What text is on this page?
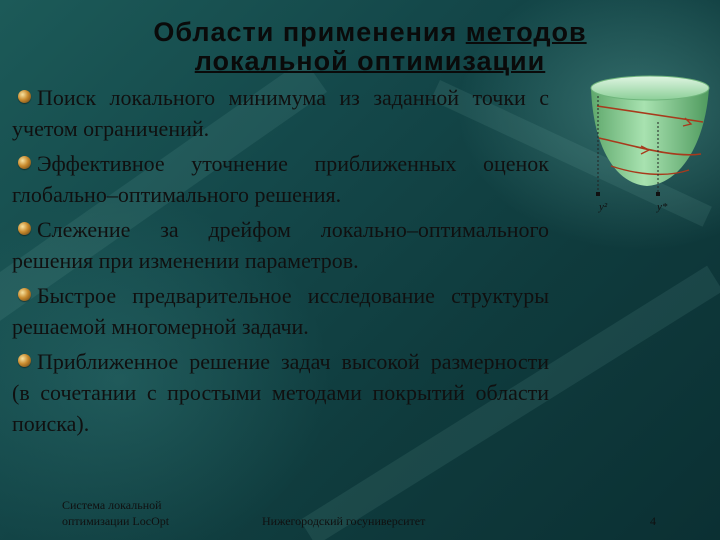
Области применения методов
локальной оптимизации
Поиск локального минимума из заданной точки с учетом ограничений.
Эффективное уточнение приближенных оценок глобально–оптимального решения.
Слежение за дрейфом локально–оптимального решения при изменении параметров.
Быстрое предварительное исследование структуры решаемой многомерной задачи.
Приближенное решение задач высокой размерности (в сочетании с простыми методами покрытий области поиска).
y²	y*
Система локальной
оптимизации LocOpt	Нижегородский госуниверситет	4
